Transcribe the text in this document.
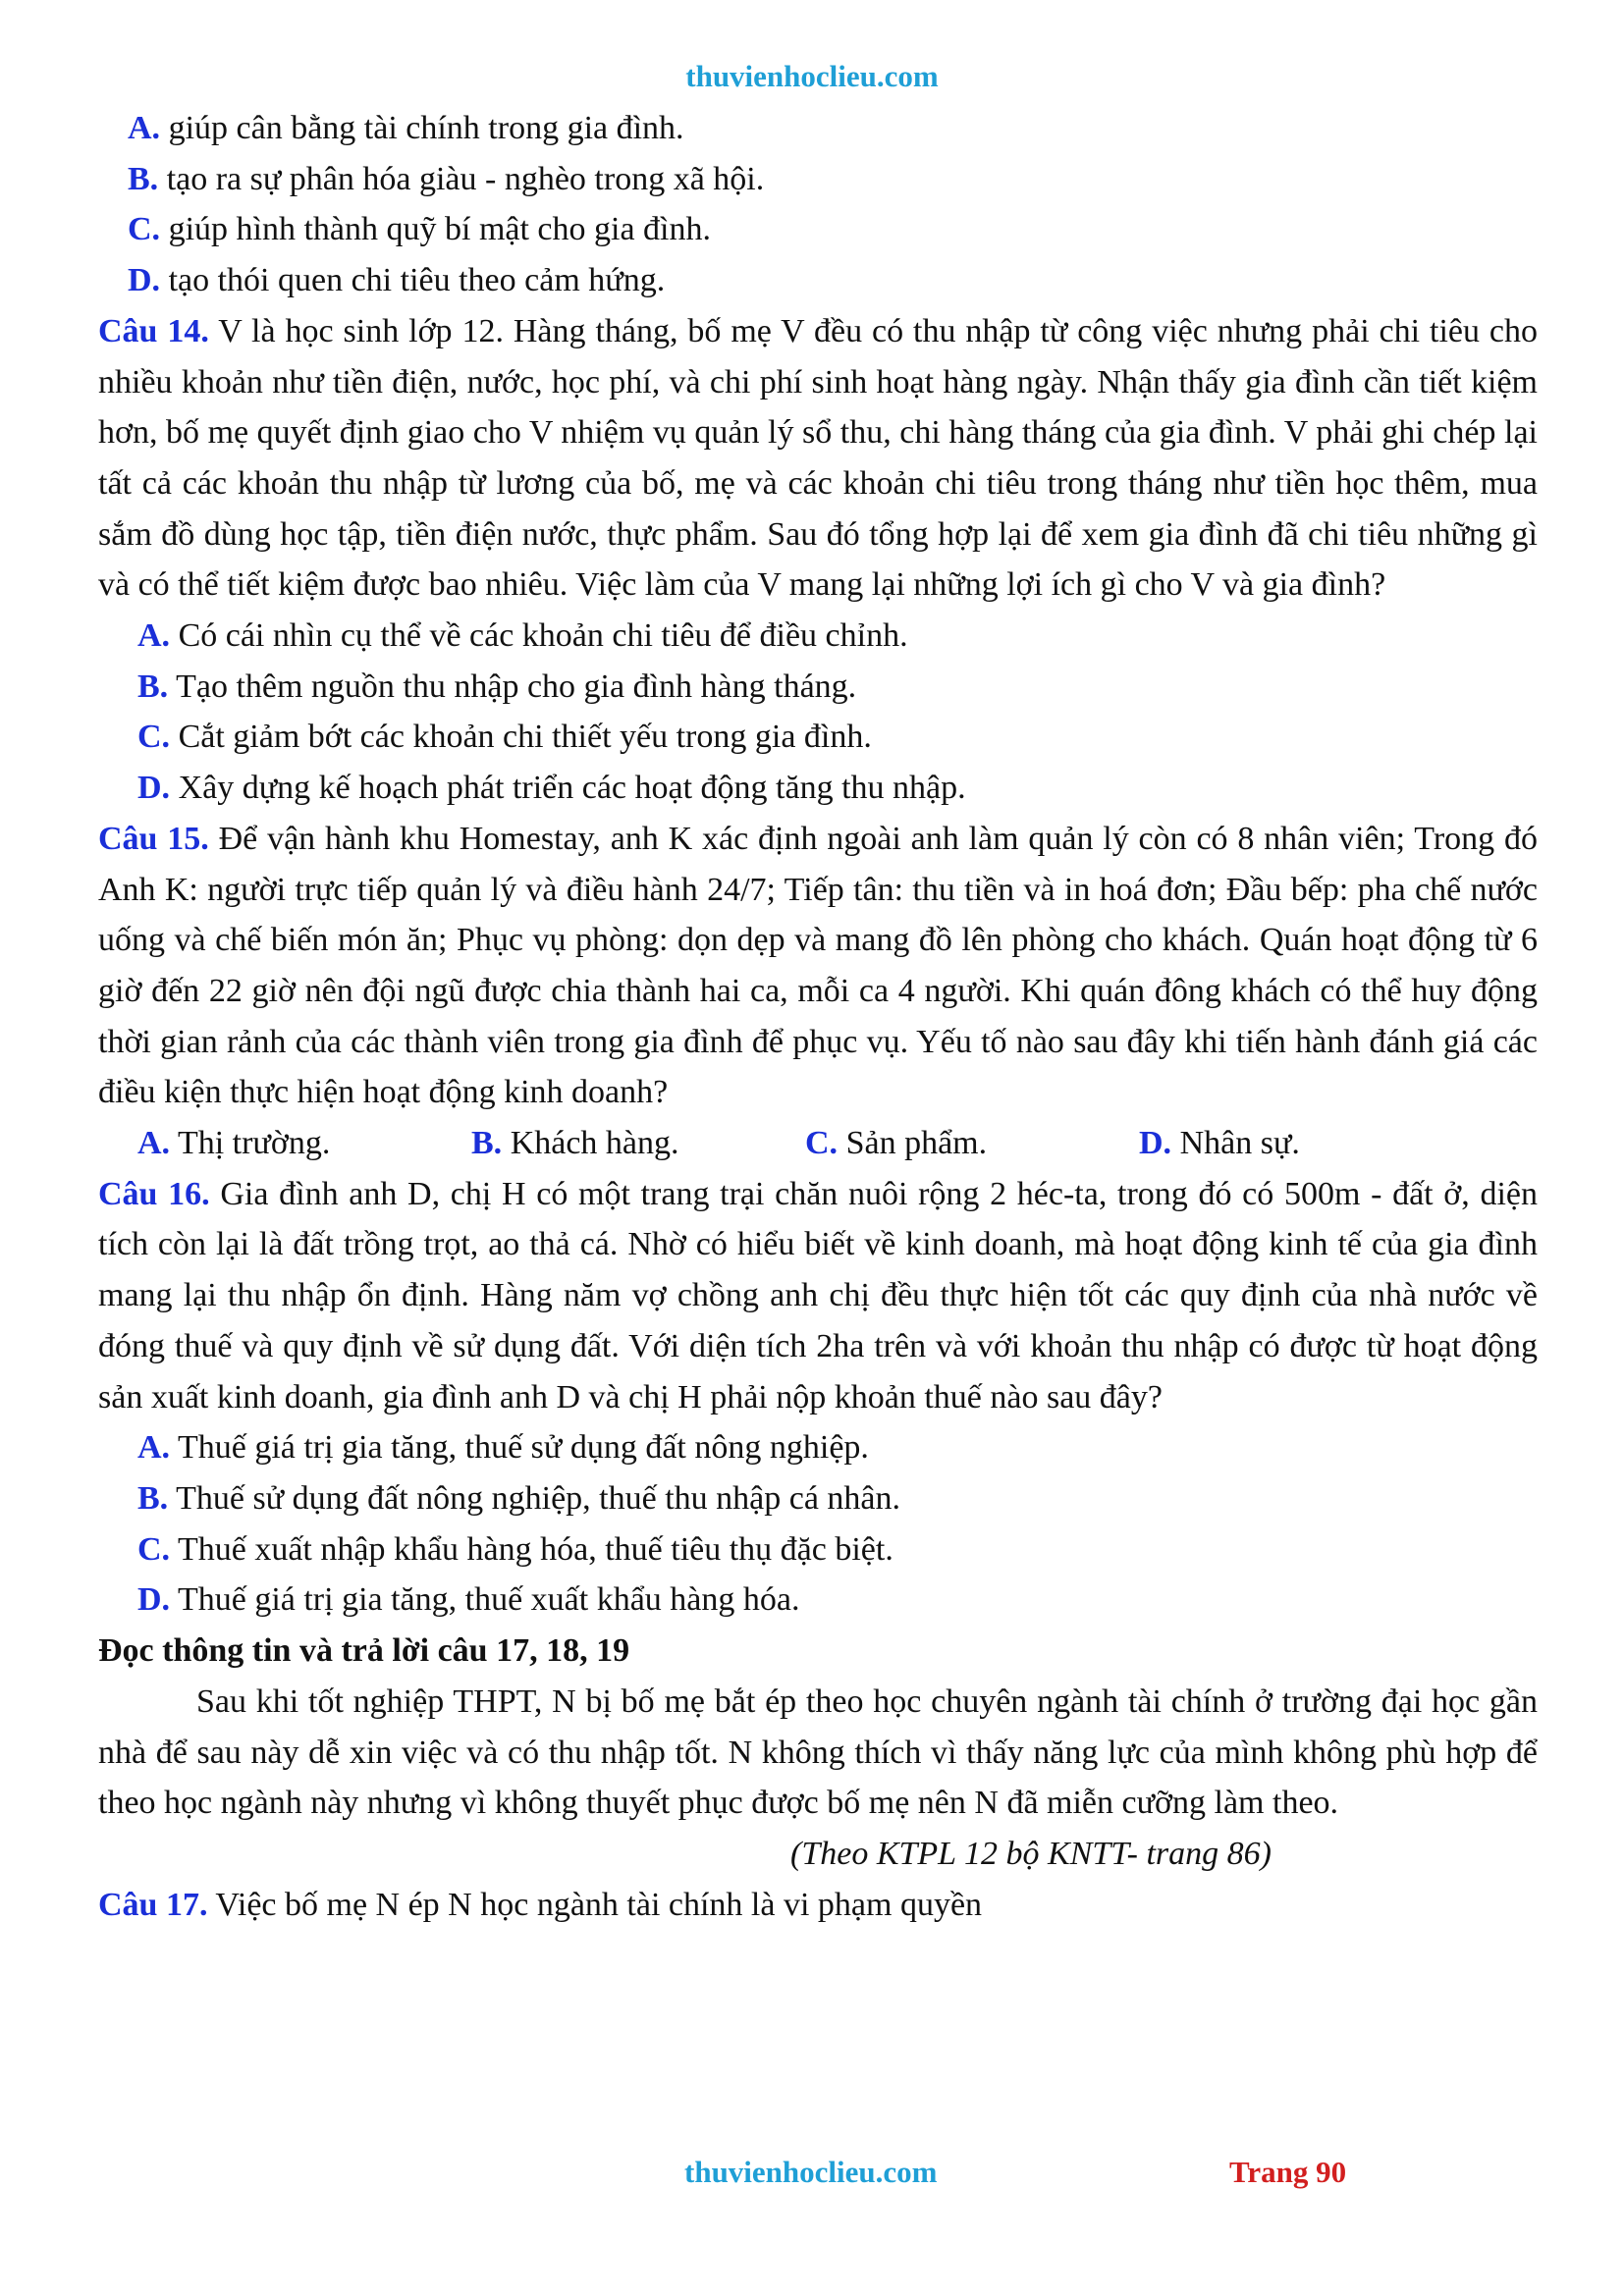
thuvienhoclieu.com

A. giúp cân bằng tài chính trong gia đình.

B. tạo ra sự phân hóa giàu - nghèo trong xã hội.

C. giúp hình thành quỹ bí mật cho gia đình.

D. tạo thói quen chi tiêu theo cảm hứng.

Câu 14. V là học sinh lớp 12. Hàng tháng, bố mẹ V đều có thu nhập từ công việc nhưng phải chi tiêu cho nhiều khoản như tiền điện, nước, học phí, và chi phí sinh hoạt hàng ngày. Nhận thấy gia đình cần tiết kiệm hơn, bố mẹ quyết định giao cho V nhiệm vụ quản lý sổ thu, chi hàng tháng của gia đình. V phải ghi chép lại tất cả các khoản thu nhập từ lương của bố, mẹ và các khoản chi tiêu trong tháng như tiền học thêm, mua sắm đồ dùng học tập, tiền điện nước, thực phẩm. Sau đó tổng hợp lại để xem gia đình đã chi tiêu những gì và có thể tiết kiệm được bao nhiêu. Việc làm của V mang lại những lợi ích gì cho V và gia đình?

A. Có cái nhìn cụ thể về các khoản chi tiêu để điều chỉnh.

B. Tạo thêm nguồn thu nhập cho gia đình hàng tháng.

C. Cắt giảm bớt các khoản chi thiết yếu trong gia đình.

D. Xây dựng kế hoạch phát triển các hoạt động tăng thu nhập.

Câu 15. Để vận hành khu Homestay, anh K xác định ngoài anh làm quản lý còn có 8 nhân viên; Trong đó Anh K: người trực tiếp quản lý và điều hành 24/7; Tiếp tân: thu tiền và in hoá đơn; Đầu bếp: pha chế nước uống và chế biến món ăn; Phục vụ phòng: dọn dẹp và mang đồ lên phòng cho khách. Quán hoạt động từ 6 giờ đến 22 giờ nên đội ngũ được chia thành hai ca, mỗi ca 4 người. Khi quán đông khách có thể huy động thời gian rảnh của các thành viên trong gia đình để phục vụ. Yếu tố nào sau đây khi tiến hành đánh giá các điều kiện thực hiện hoạt động kinh doanh?

A. Thị trường.	B. Khách hàng.	C. Sản phẩm.	D. Nhân sự.

Câu 16. Gia đình anh D, chị H có một trang trại chăn nuôi rộng 2 héc-ta, trong đó có 500m - đất ở, diện tích còn lại là đất trồng trọt, ao thả cá. Nhờ có hiểu biết về kinh doanh, mà hoạt động kinh tế của gia đình mang lại thu nhập ổn định. Hàng năm vợ chồng anh chị đều thực hiện tốt các quy định của nhà nước về đóng thuế và quy định về sử dụng đất. Với diện tích 2ha trên và với khoản thu nhập có được từ hoạt động sản xuất kinh doanh, gia đình anh D và chị H phải nộp khoản thuế nào sau đây?

A. Thuế giá trị gia tăng, thuế sử dụng đất nông nghiệp.

B. Thuế sử dụng đất nông nghiệp, thuế thu nhập cá nhân.

C. Thuế xuất nhập khẩu hàng hóa, thuế tiêu thụ đặc biệt.

D. Thuế giá trị gia tăng, thuế xuất khẩu hàng hóa.

Đọc thông tin và trả lời câu 17, 18, 19

Sau khi tốt nghiệp THPT, N bị bố mẹ bắt ép theo học chuyên ngành tài chính ở trường đại học gần nhà để sau này dễ xin việc và có thu nhập tốt. N không thích vì thấy năng lực của mình không phù hợp để theo học ngành này nhưng vì không thuyết phục được bố mẹ nên N đã miễn cưỡng làm theo.

(Theo KTPL 12 bộ KNTT- trang 86)

Câu 17. Việc bố mẹ N ép N học ngành tài chính là vi phạm quyền

thuvienhoclieu.com	Trang 90
